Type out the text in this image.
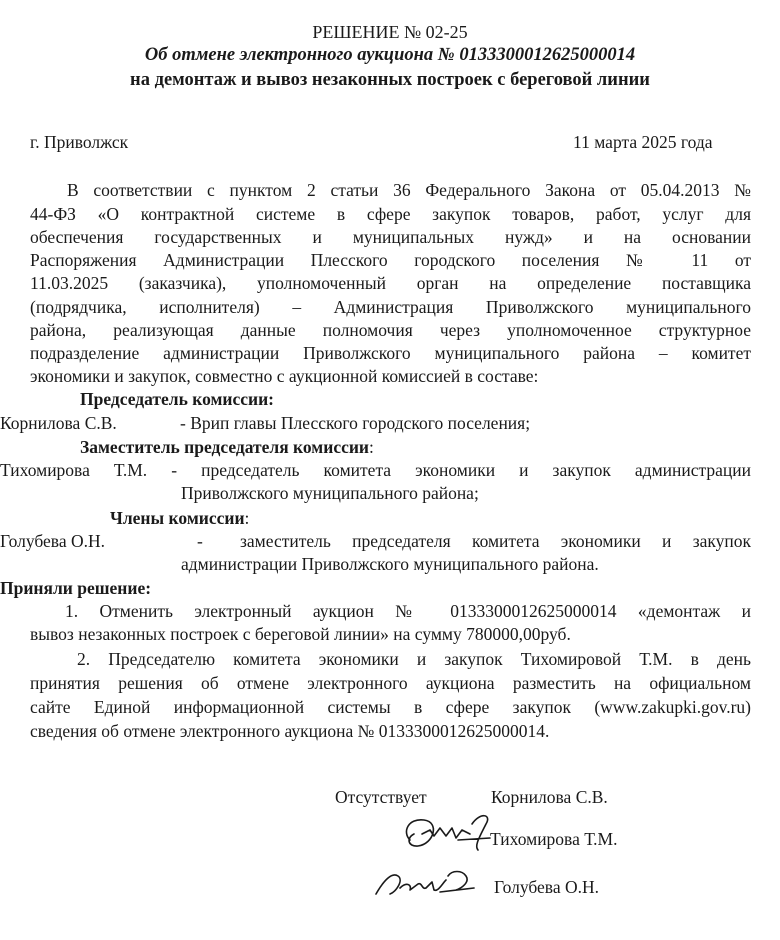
РЕШЕНИЕ № 02-25
Об отмене электронного аукциона № 0133300012625000014
на демонтаж и вывоз незаконных построек с береговой линии
г. Приволжск	11 марта 2025 года
В соответствии с пунктом 2 статьи 36 Федерального Закона от 05.04.2013 №
44-ФЗ «О контрактной системе в сфере закупок товаров, работ, услуг для
обеспечения государственных и муниципальных нужд» и на основании
Распоряжения Администрации Плесского городского поселения № 11 от
11.03.2025 (заказчика), уполномоченный орган на определение поставщика
(подрядчика, исполнителя) – Администрация Приволжского муниципального
района, реализующая данные полномочия через уполномоченное структурное
подразделение администрации Приволжского муниципального района – комитет
экономики и закупок, совместно с аукционной комиссией в составе:
Председатель комиссии:
Корнилова С.В.	- Врип главы Плесского городского поселения;
Заместитель председателя комиссии:
Тихомирова Т.М. - председатель комитета экономики и закупок администрации
Приволжского муниципального района;
Члены комиссии:
Голубева О.Н.	- заместитель председателя комитета экономики и закупок
администрации Приволжского муниципального района.
Приняли решение:
1. Отменить электронный аукцион № 0133300012625000014 «демонтаж и
вывоз незаконных построек с береговой линии» на сумму 780000,00руб.
2. Председателю комитета экономики и закупок Тихомировой Т.М. в день
принятия решения об отмене электронного аукциона разместить на официальном
сайте Единой информационной системы в сфере закупок (www.zakupki.gov.ru)
сведения об отмене электронного аукциона № 0133300012625000014.
Отсутствует	Корнилова С.В.
Тихомирова Т.М.
Голубева О.Н.
